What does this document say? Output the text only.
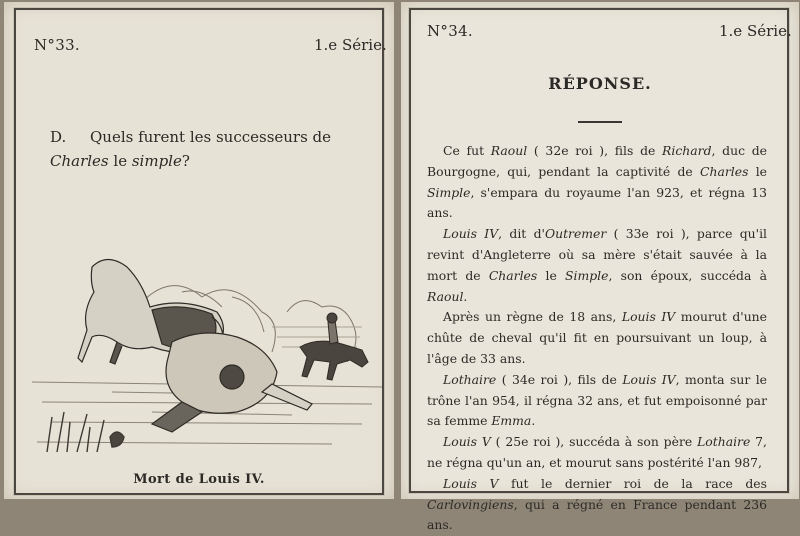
N°33.	1.e Série.
D. Quels furent les successeurs de Charles le simple?
Mort de Louis IV.
N°34.	1.e Série.
RÉPONSE.

Ce fut Raoul ( 32e roi ), fils de Richard, duc de Bourgogne, qui, pendant la captivité de Charles le Simple, s'empara du royaume l'an 923, et régna 13 ans.

Louis IV, dit d'Outremer ( 33e roi ), parce qu'il revint d'Angleterre où sa mère s'était sauvée à la mort de Charles le Simple, son époux, succéda à Raoul.

Après un règne de 18 ans, Louis IV mourut d'une chûte de cheval qu'il fit en poursuivant un loup, à l'âge de 33 ans.

Lothaire ( 34e roi ), fils de Louis IV, monta sur le trône l'an 954, il régna 32 ans, et fut empoisonné par sa femme Emma.

Louis V ( 25e roi ), succéda à son père Lothaire 7, ne régna qu'un an, et mourut sans postérité l'an 987,

Louis V fut le dernier roi de la race des Carlovingiens, qui a régné en France pendant 236 ans.
